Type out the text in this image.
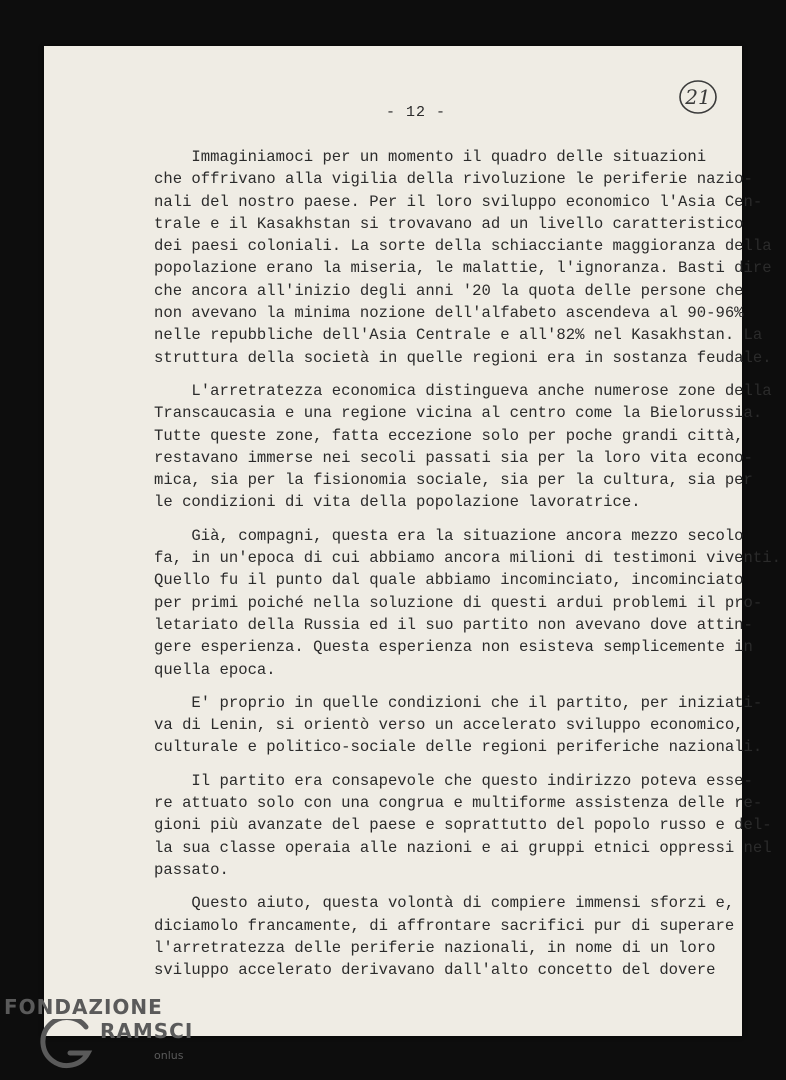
- 12 -
21
Immaginiamoci per un momento il quadro delle situazioni
che offrivano alla vigilia della rivoluzione le periferie nazio-
nali del nostro paese. Per il loro sviluppo economico l'Asia Cen-
trale e il Kasakhstan si trovavano ad un livello caratteristico
dei paesi coloniali. La sorte della schiacciante maggioranza della
popolazione erano la miseria, le malattie, l'ignoranza. Basti dire
che ancora all'inizio degli anni '20 la quota delle persone che
non avevano la minima nozione dell'alfabeto ascendeva al 90-96%
nelle repubbliche dell'Asia Centrale e all'82% nel Kasakhstan. La
struttura della società in quelle regioni era in sostanza feudale.
L'arretratezza economica distingueva anche numerose zone della
Transcaucasia e una regione vicina al centro come la Bielorussia.
Tutte queste zone, fatta eccezione solo per poche grandi città,
restavano immerse nei secoli passati sia per la loro vita econo-
mica, sia per la fisionomia sociale, sia per la cultura, sia per
le condizioni di vita della popolazione lavoratrice.
Già, compagni, questa era la situazione ancora mezzo secolo
fa, in un'epoca di cui abbiamo ancora milioni di testimoni viventi.
Quello fu il punto dal quale abbiamo incominciato, incominciato
per primi poiché nella soluzione di questi ardui problemi il pro-
letariato della Russia ed il suo partito non avevano dove attin-
gere esperienza. Questa esperienza non esisteva semplicemente in
quella epoca.
E' proprio in quelle condizioni che il partito, per iniziati-
va di Lenin, si orientò verso un accelerato sviluppo economico,
culturale e politico-sociale delle regioni periferiche nazionali.
Il partito era consapevole che questo indirizzo poteva esse-
re attuato solo con una congrua e multiforme assistenza delle re-
gioni più avanzate del paese e soprattutto del popolo russo e del-
la sua classe operaia alle nazioni e ai gruppi etnici oppressi nel
passato.
Questo aiuto, questa volontà di compiere immensi sforzi e,
diciamolo francamente, di affrontare sacrifici pur di superare
l'arretratezza delle periferie nazionali, in nome di un loro
sviluppo accelerato derivavano dall'alto concetto del dovere
FONDAZIONE
RAMSCI
onlus
